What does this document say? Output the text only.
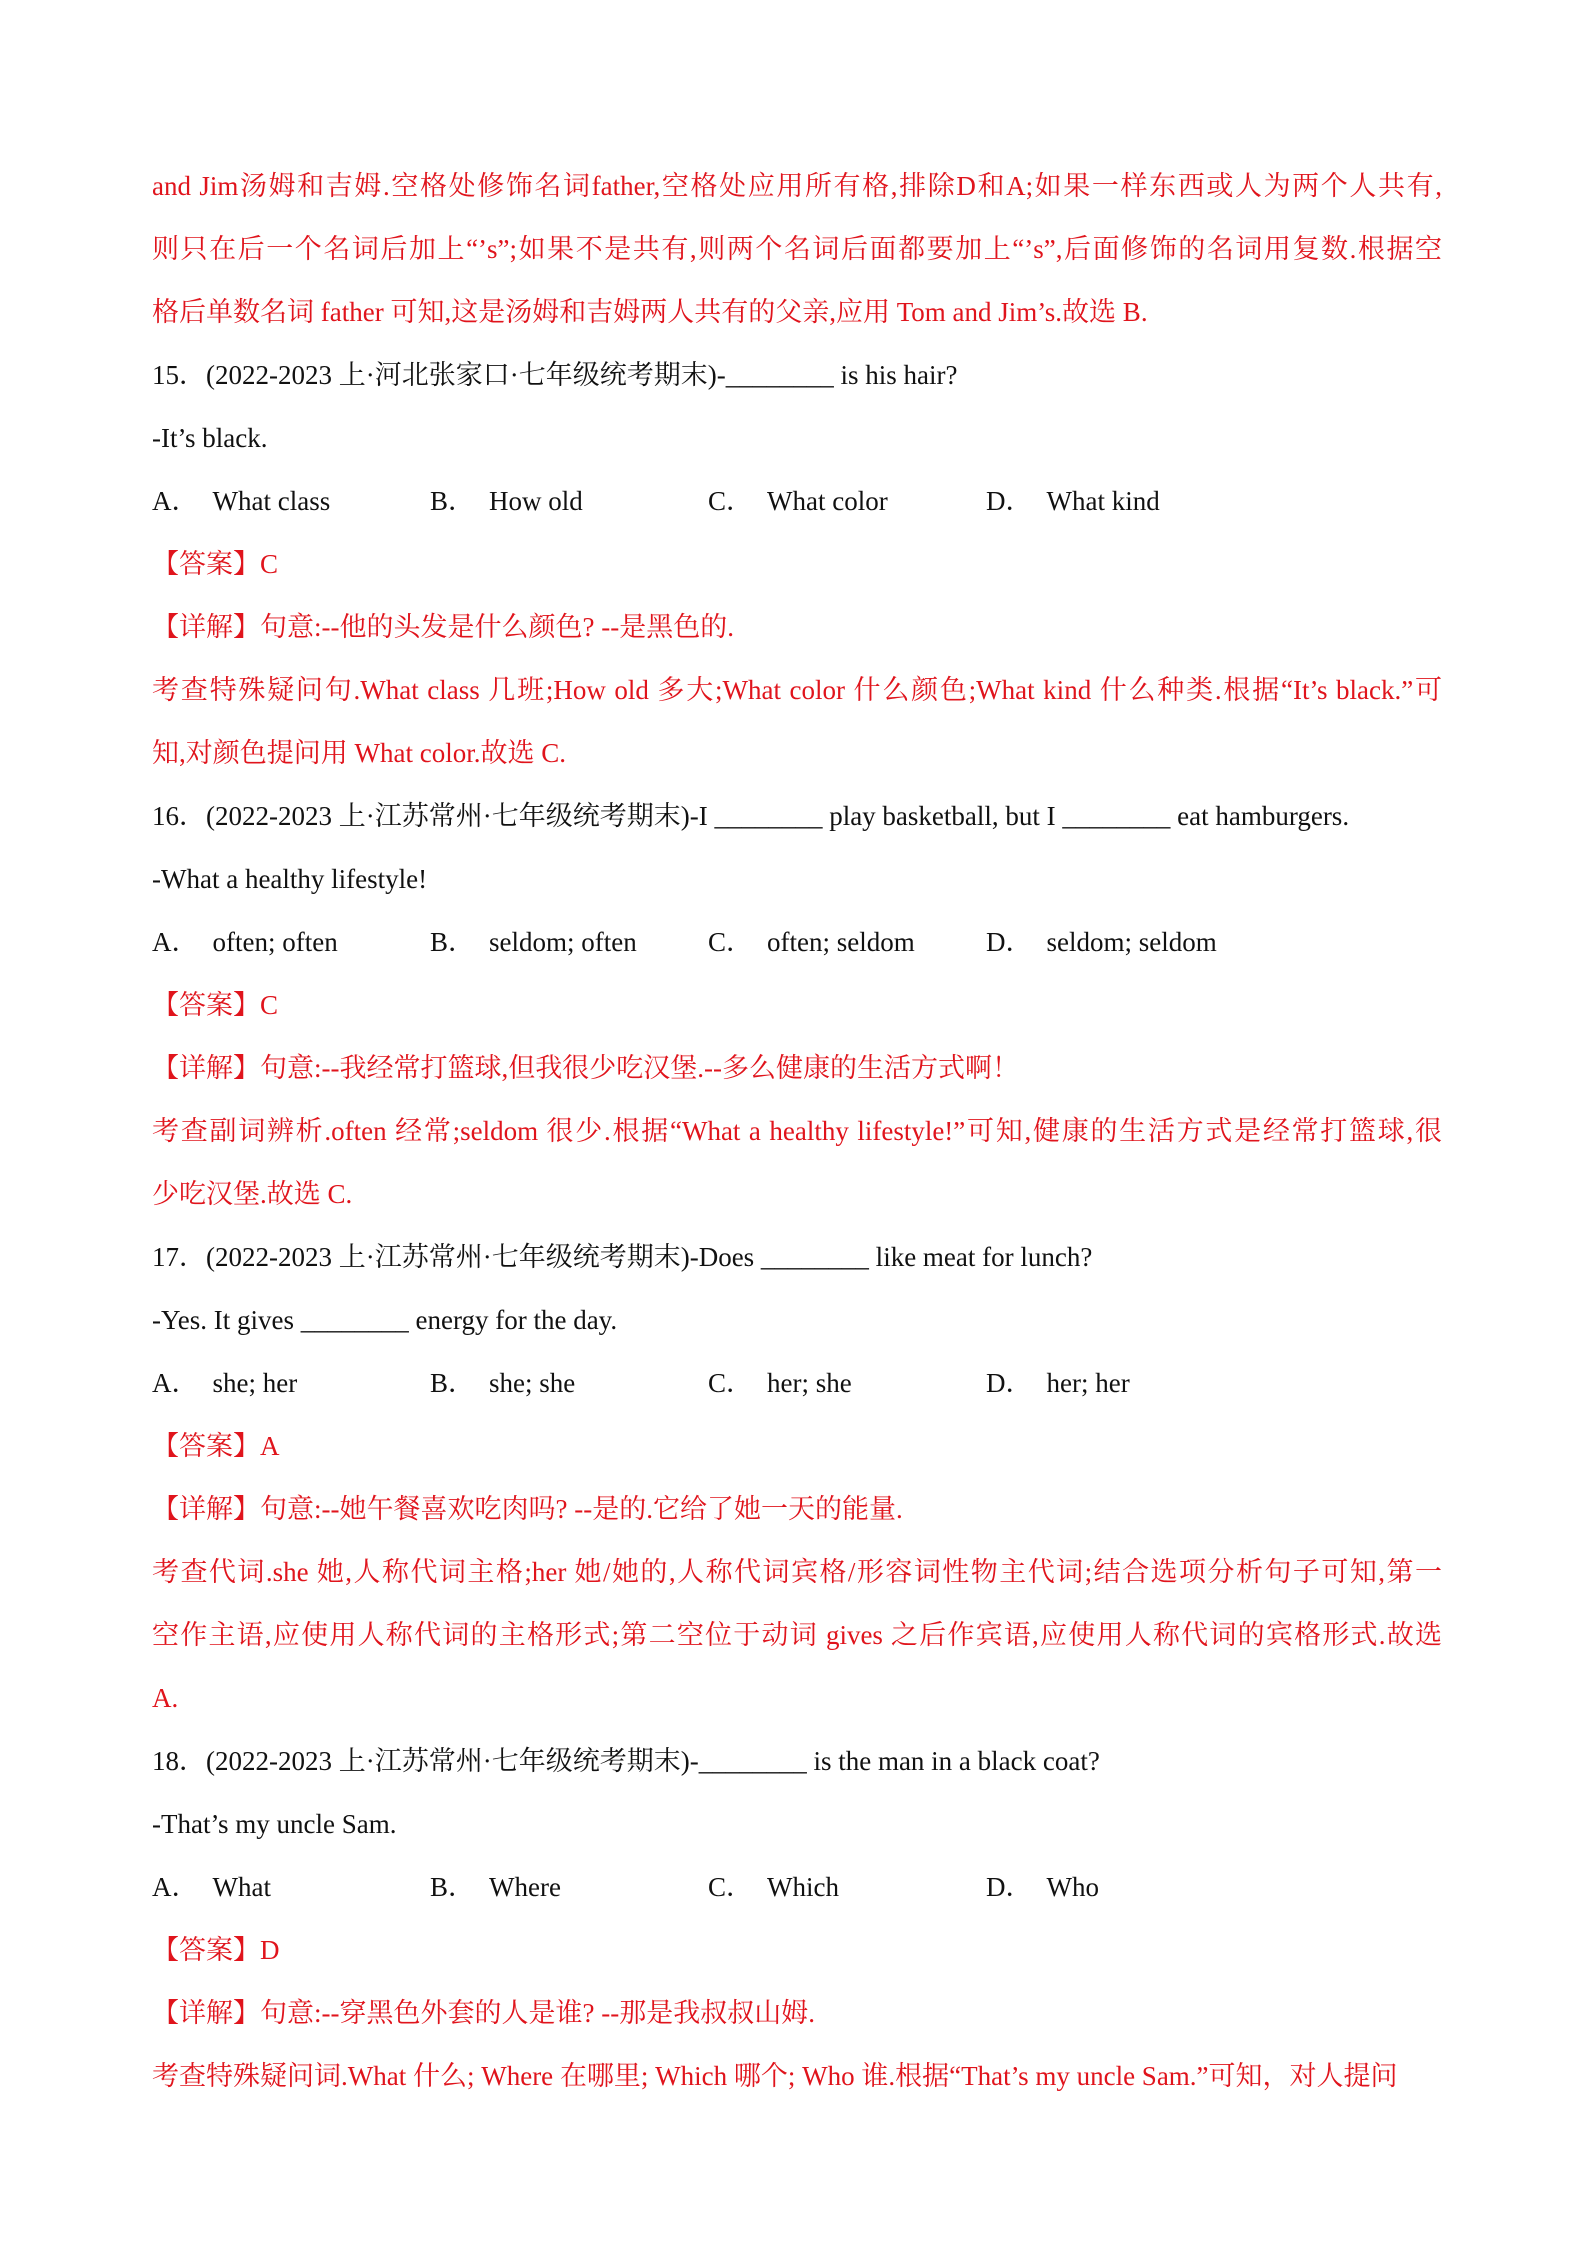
and Jim汤姆和吉姆.空格处修饰名词father,空格处应用所有格,排除D和A;如果一样东西或人为两个人共有,
则只在后一个名词后加上“’s”;如果不是共有,则两个名词后面都要加上“’s”,后面修饰的名词用复数.根据空
格后单数名词 father 可知,这是汤姆和吉姆两人共有的父亲,应用 Tom and Jim’s.故选 B.
15．(2022-2023 上·河北张家口·七年级统考期末)-________ is his hair?
-It’s black.
A． What class	B． How old	C． What color	D． What kind
【答案】C
【详解】句意:--他的头发是什么颜色? --是黑色的.
考查特殊疑问句.What class 几班;How old 多大;What color 什么颜色;What kind 什么种类.根据“It’s black.”可
知,对颜色提问用 What color.故选 C.
16．(2022-2023 上·江苏常州·七年级统考期末)-I ________ play basketball, but I ________ eat hamburgers.
-What a healthy lifestyle!
A． often; often	B． seldom; often	C． often; seldom	D． seldom; seldom
【答案】C
【详解】句意:--我经常打篮球,但我很少吃汉堡.--多么健康的生活方式啊！
考查副词辨析.often 经常;seldom 很少.根据“What a healthy lifestyle!”可知,健康的生活方式是经常打篮球,很
少吃汉堡.故选 C.
17．(2022-2023 上·江苏常州·七年级统考期末)-Does ________ like meat for lunch?
-Yes. It gives ________ energy for the day.
A． she; her	B． she; she	C． her; she	D． her; her
【答案】A
【详解】句意:--她午餐喜欢吃肉吗? --是的.它给了她一天的能量.
考查代词.she 她,人称代词主格;her 她/她的,人称代词宾格/形容词性物主代词;结合选项分析句子可知,第一
空作主语,应使用人称代词的主格形式;第二空位于动词 gives 之后作宾语,应使用人称代词的宾格形式.故选
A.
18．(2022-2023 上·江苏常州·七年级统考期末)-________ is the man in a black coat?
-That’s my uncle Sam.
A． What	B． Where	C． Which	D． Who
【答案】D
【详解】句意:--穿黑色外套的人是谁? --那是我叔叔山姆.
考查特殊疑问词.What 什么; Where 在哪里; Which 哪个; Who 谁.根据“That’s my uncle Sam.”可知，对人提问
